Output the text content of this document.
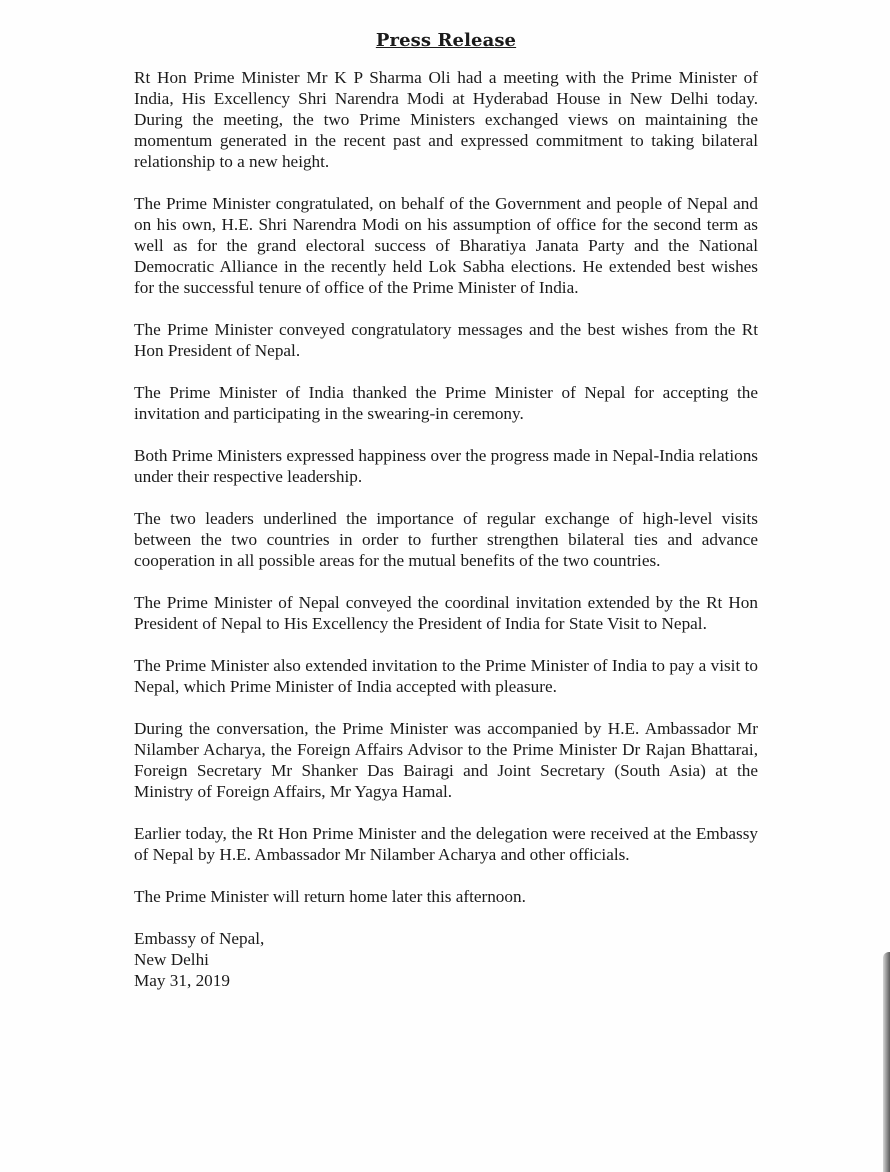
Press Release

Rt Hon Prime Minister Mr K P Sharma Oli had a meeting with the Prime Minister of India, His Excellency Shri Narendra Modi at Hyderabad House in New Delhi today. During the meeting, the two Prime Ministers exchanged views on maintaining the momentum generated in the recent past and expressed commitment to taking bilateral relationship to a new height.

The Prime Minister congratulated, on behalf of the Government and people of Nepal and on his own, H.E. Shri Narendra Modi on his assumption of office for the second term as well as for the grand electoral success of Bharatiya Janata Party and the National Democratic Alliance in the recently held Lok Sabha elections. He extended best wishes for the successful tenure of office of the Prime Minister of India.

The Prime Minister conveyed congratulatory messages and the best wishes from the Rt Hon President of Nepal.

The Prime Minister of India thanked the Prime Minister of Nepal for accepting the invitation and participating in the swearing-in ceremony.

Both Prime Ministers expressed happiness over the progress made in Nepal-India relations under their respective leadership.

The two leaders underlined the importance of regular exchange of high-level visits between the two countries in order to further strengthen bilateral ties and advance cooperation in all possible areas for the mutual benefits of the two countries.

The Prime Minister of Nepal conveyed the coordinal invitation extended by the Rt Hon President of Nepal to His Excellency the President of India for State Visit to Nepal.

The Prime Minister also extended invitation to the Prime Minister of India to pay a visit to Nepal, which Prime Minister of India accepted with pleasure.

During the conversation, the Prime Minister was accompanied by H.E. Ambassador Mr Nilamber Acharya, the Foreign Affairs Advisor to the Prime Minister Dr Rajan Bhattarai, Foreign Secretary Mr Shanker Das Bairagi and Joint Secretary (South Asia) at the Ministry of Foreign Affairs, Mr Yagya Hamal.

Earlier today, the Rt Hon Prime Minister and the delegation were received at the Embassy of Nepal by H.E. Ambassador Mr Nilamber Acharya and other officials.

The Prime Minister will return home later this afternoon.

Embassy of Nepal,
New Delhi
May 31, 2019
